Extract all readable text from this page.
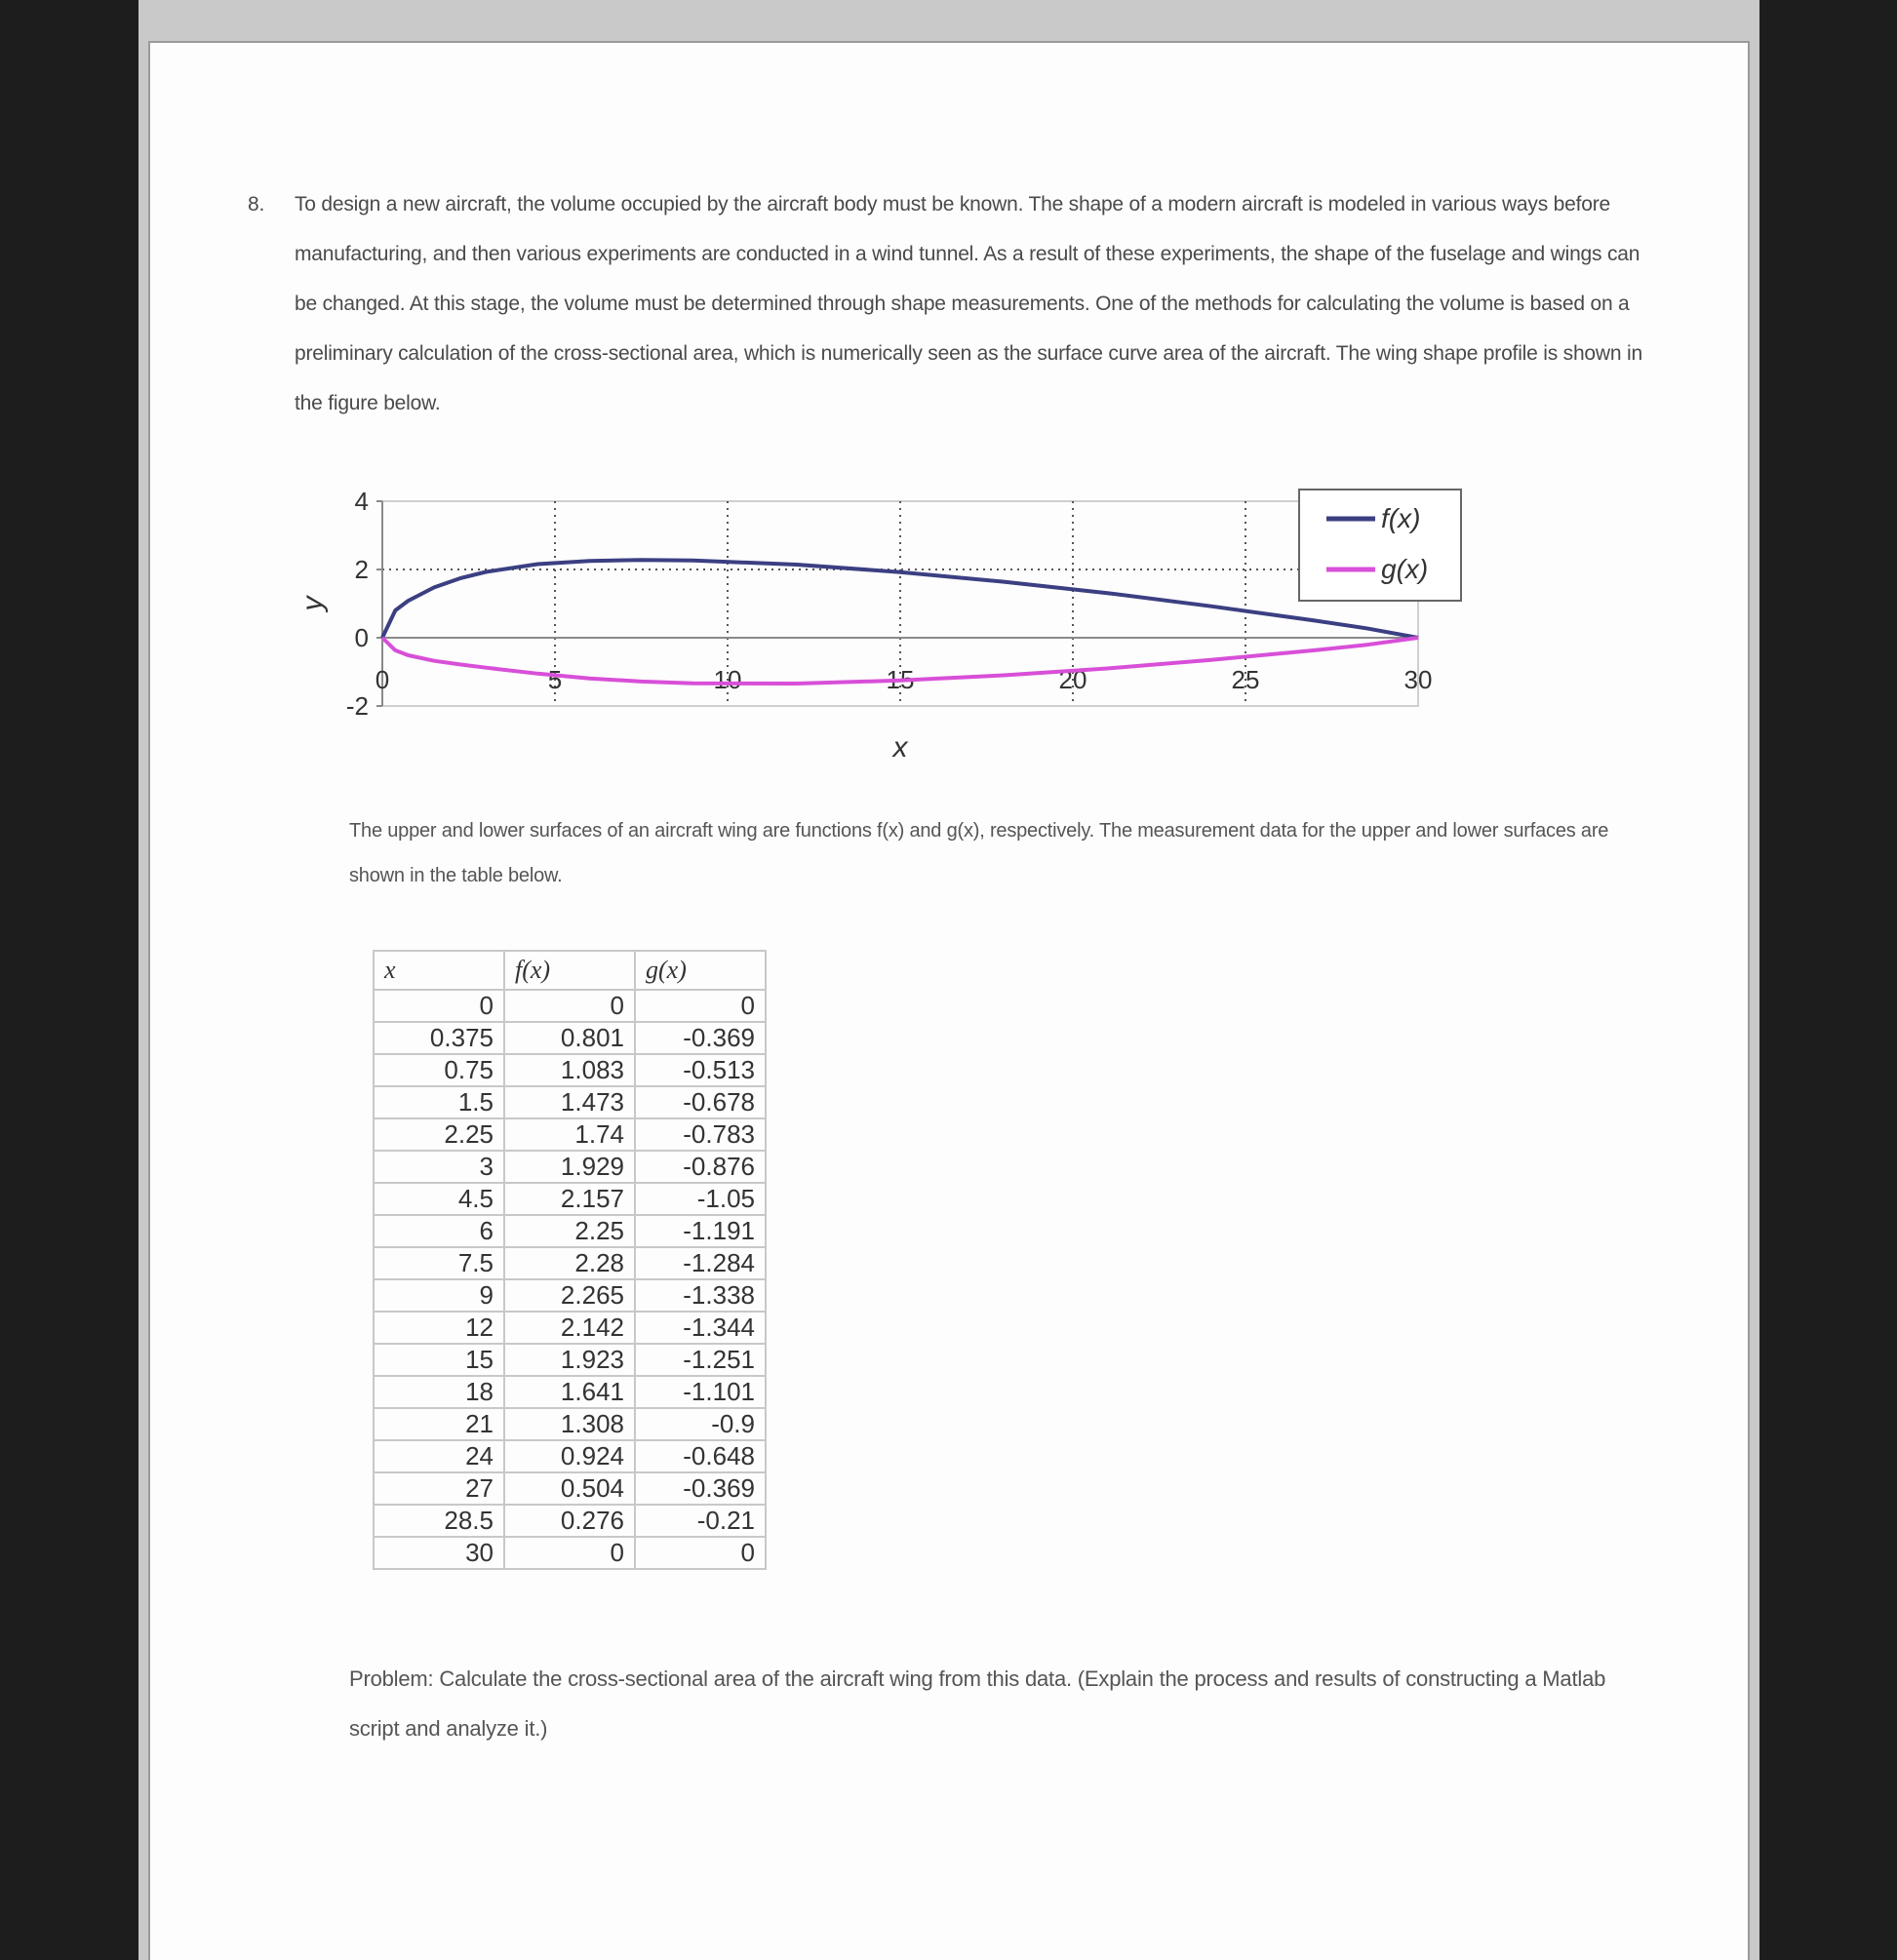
8.	To design a new aircraft, the volume occupied by the aircraft body must be known. The shape of a modern aircraft is modeled in various ways before manufacturing, and then various experiments are conducted in a wind tunnel. As a result of these experiments, the shape of the fuselage and wings can be changed. At this stage, the volume must be determined through shape measurements. One of the methods for calculating the volume is based on a preliminary calculation of the cross-sectional area, which is numerically seen as the surface curve area of the aircraft. The wing shape profile is shown in the figure below.
4
2
0
-2
0	5	10	15	20	25	30
x
y
f(x)
g(x)
The upper and lower surfaces of an aircraft wing are functions f(x) and g(x), respectively. The measurement data for the upper and lower surfaces are shown in the table below.
x	f(x)	g(x)
0	0	0
0.375	0.801	-0.369
0.75	1.083	-0.513
1.5	1.473	-0.678
2.25	1.74	-0.783
3	1.929	-0.876
4.5	2.157	-1.05
6	2.25	-1.191
7.5	2.28	-1.284
9	2.265	-1.338
12	2.142	-1.344
15	1.923	-1.251
18	1.641	-1.101
21	1.308	-0.9
24	0.924	-0.648
27	0.504	-0.369
28.5	0.276	-0.21
30	0	0
Problem: Calculate the cross-sectional area of the aircraft wing from this data. (Explain the process and results of constructing a Matlab script and analyze it.)
